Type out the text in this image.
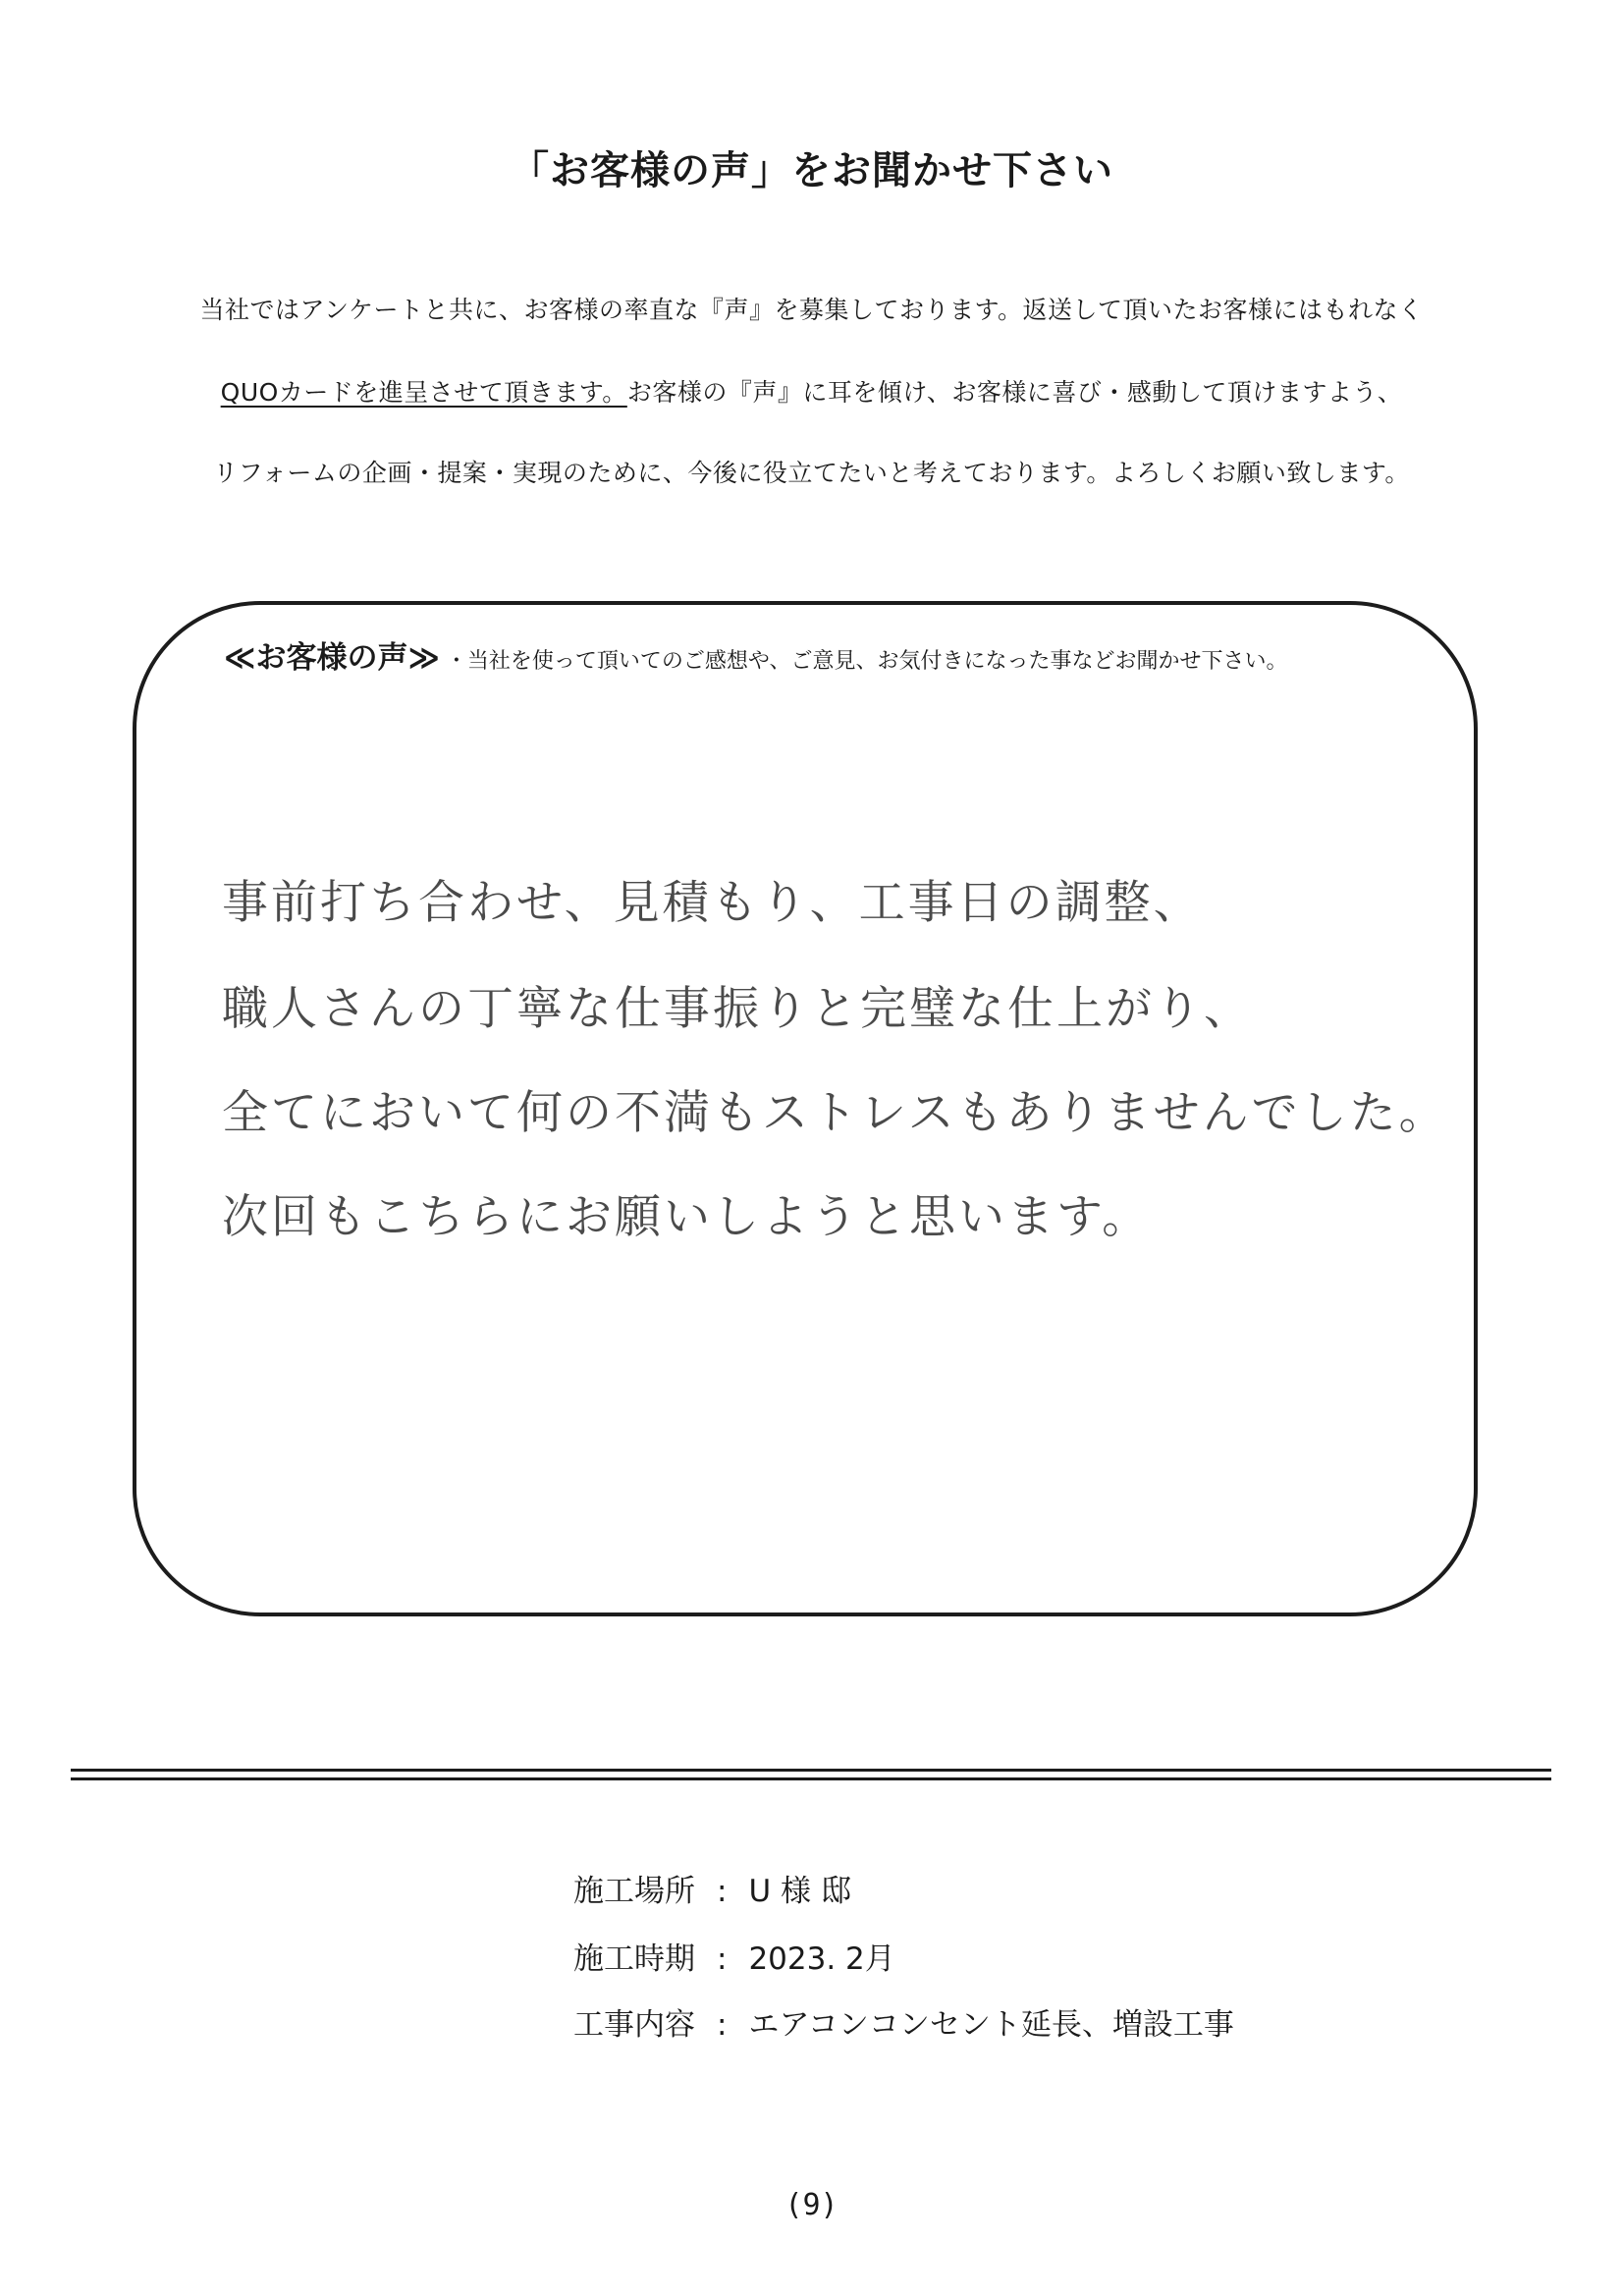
「お客様の声」をお聞かせ下さい
当社ではアンケートと共に、お客様の率直な『声』を募集しております。返送して頂いたお客様にはもれなく
QUOカードを進呈させて頂きます。お客様の『声』に耳を傾け、お客様に喜び・感動して頂けますよう、
リフォームの企画・提案・実現のために、今後に役立てたいと考えております。よろしくお願い致します。
≪お客様の声≫ ・当社を使って頂いてのご感想や、ご意見、お気付きになった事などお聞かせ下さい。
事前打ち合わせ、見積もり、工事日の調整、
職人さんの丁寧な仕事振りと完璧な仕上がり、
全てにおいて何の不満もストレスもありませんでした。
次回もこちらにお願いしようと思います。
施工場所 : U 様 邸
施工時期 : 2023. 2月
工事内容 : エアコンコンセント延長、増設工事
(9)
